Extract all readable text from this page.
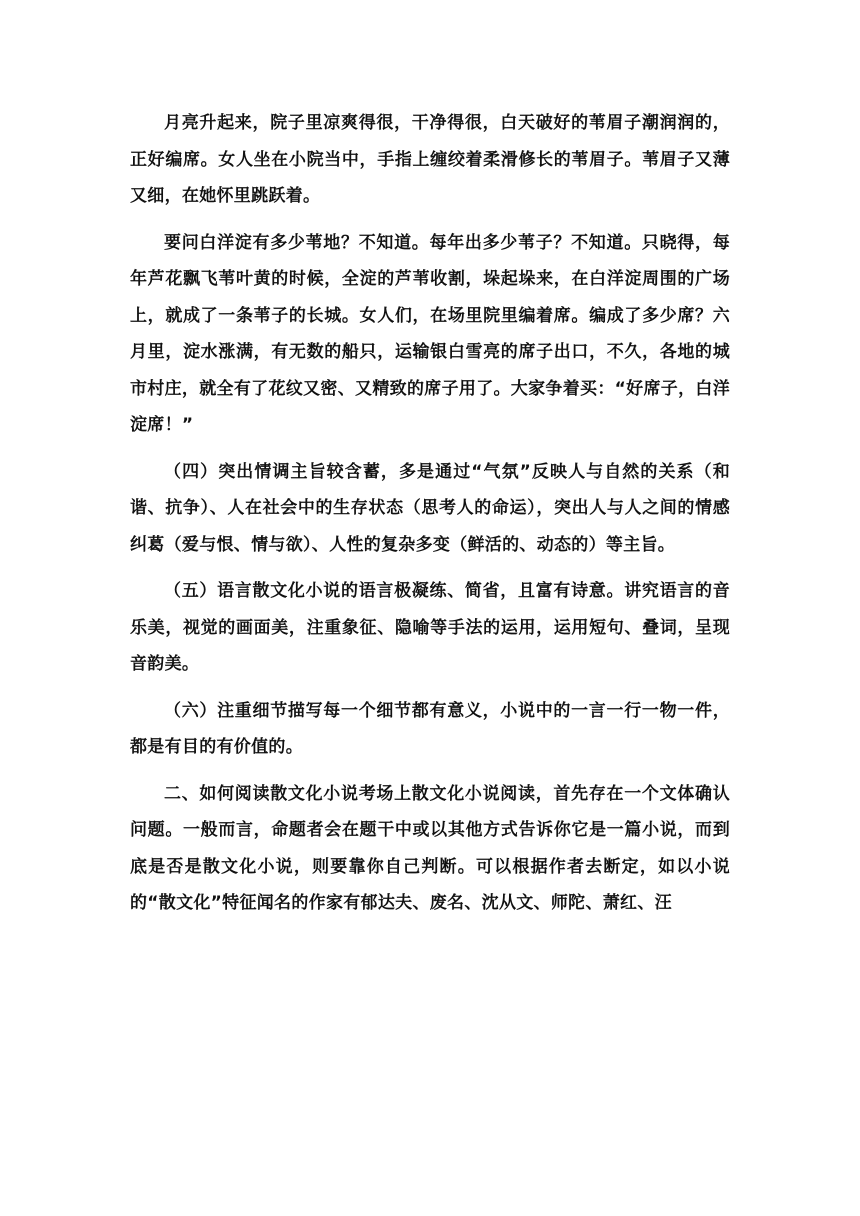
月亮升起来，院子里凉爽得很，干净得很，白天破好的苇眉子潮润润的，正好编席。女人坐在小院当中，手指上缠绞着柔滑修长的苇眉子。苇眉子又薄又细，在她怀里跳跃着。

要问白洋淀有多少苇地？不知道。每年出多少苇子？不知道。只晓得，每年芦花飘飞苇叶黄的时候，全淀的芦苇收割，垛起垛来，在白洋淀周围的广场上，就成了一条苇子的长城。女人们，在场里院里编着席。编成了多少席？六月里，淀水涨满，有无数的船只，运输银白雪亮的席子出口，不久，各地的城市村庄，就全有了花纹又密、又精致的席子用了。大家争着买：“好席子，白洋淀席！”

（四）突出情调主旨较含蓄，多是通过“气氛”反映人与自然的关系（和谐、抗争）、人在社会中的生存状态（思考人的命运），突出人与人之间的情感纠葛（爱与恨、情与欲）、人性的复杂多变（鲜活的、动态的）等主旨。

（五）语言散文化小说的语言极凝练、简省，且富有诗意。讲究语言的音乐美，视觉的画面美，注重象征、隐喻等手法的运用，运用短句、叠词，呈现音韵美。

（六）注重细节描写每一个细节都有意义，小说中的一言一行一物一件，都是有目的有价值的。

二、如何阅读散文化小说考场上散文化小说阅读，首先存在一个文体确认问题。一般而言，命题者会在题干中或以其他方式告诉你它是一篇小说，而到底是否是散文化小说，则要靠你自己判断。可以根据作者去断定，如以小说的“散文化”特征闻名的作家有郁达夫、废名、沈从文、师陀、萧红、汪
